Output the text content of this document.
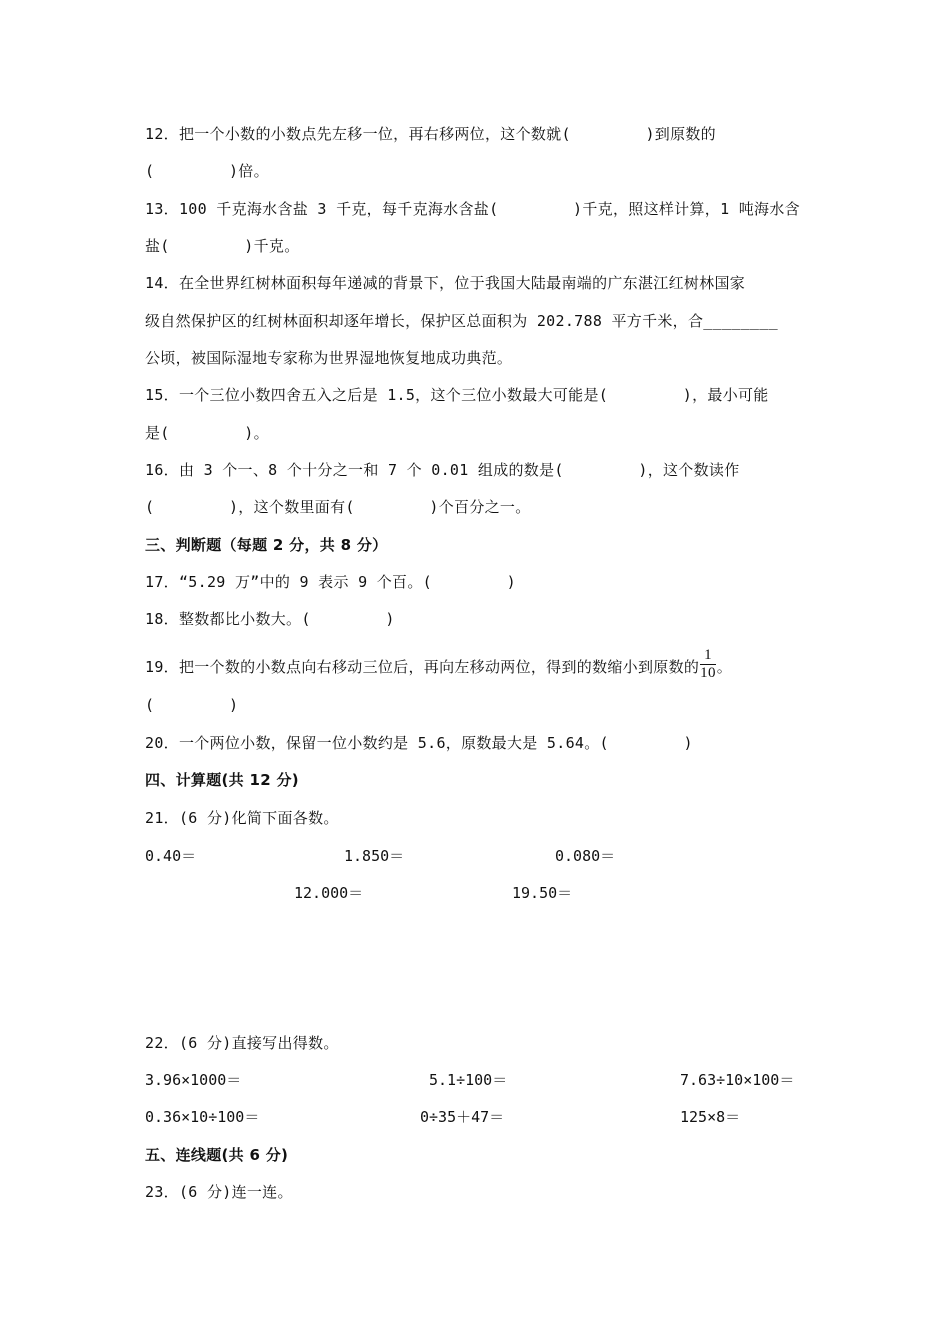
12．把一个小数的小数点先左移一位，再右移两位，这个数就(        )到原数的
(        )倍。
13．100 千克海水含盐 3 千克，每千克海水含盐(        )千克，照这样计算，1 吨海水含
盐(        )千克。
14．在全世界红树林面积每年递减的背景下，位于我国大陆最南端的广东湛江红树林国家
级自然保护区的红树林面积却逐年增长，保护区总面积为 202.788 平方千米，合________
公顷，被国际湿地专家称为世界湿地恢复地成功典范。
15．一个三位小数四舍五入之后是 1.5，这个三位小数最大可能是(        )，最小可能
是(        )。
16．由 3 个一、8 个十分之一和 7 个 0.01 组成的数是(        )，这个数读作
(        )，这个数里面有(        )个百分之一。
三、判断题（每题 2 分，共 8 分）
17．“5.29 万”中的 9 表示 9 个百。(        )
18．整数都比小数大。(        )
19．把一个数的小数点向右移动三位后，再向左移动两位，得到的数缩小到原数的 $\frac{1}{10}$ 。
(        )
20．一个两位小数，保留一位小数约是 5.6，原数最大是 5.64。(        )
四、计算题(共 12 分)
21．(6 分)化简下面各数。
0.40＝	1.850＝	0.080＝
12.000＝	19.50＝
22．(6 分)直接写出得数。
3.96×1000＝	5.1÷100＝	7.63÷10×100＝
0.36×10÷100＝	0÷35＋47＝	125×8＝
五、连线题(共 6 分)
23．(6 分)连一连。
